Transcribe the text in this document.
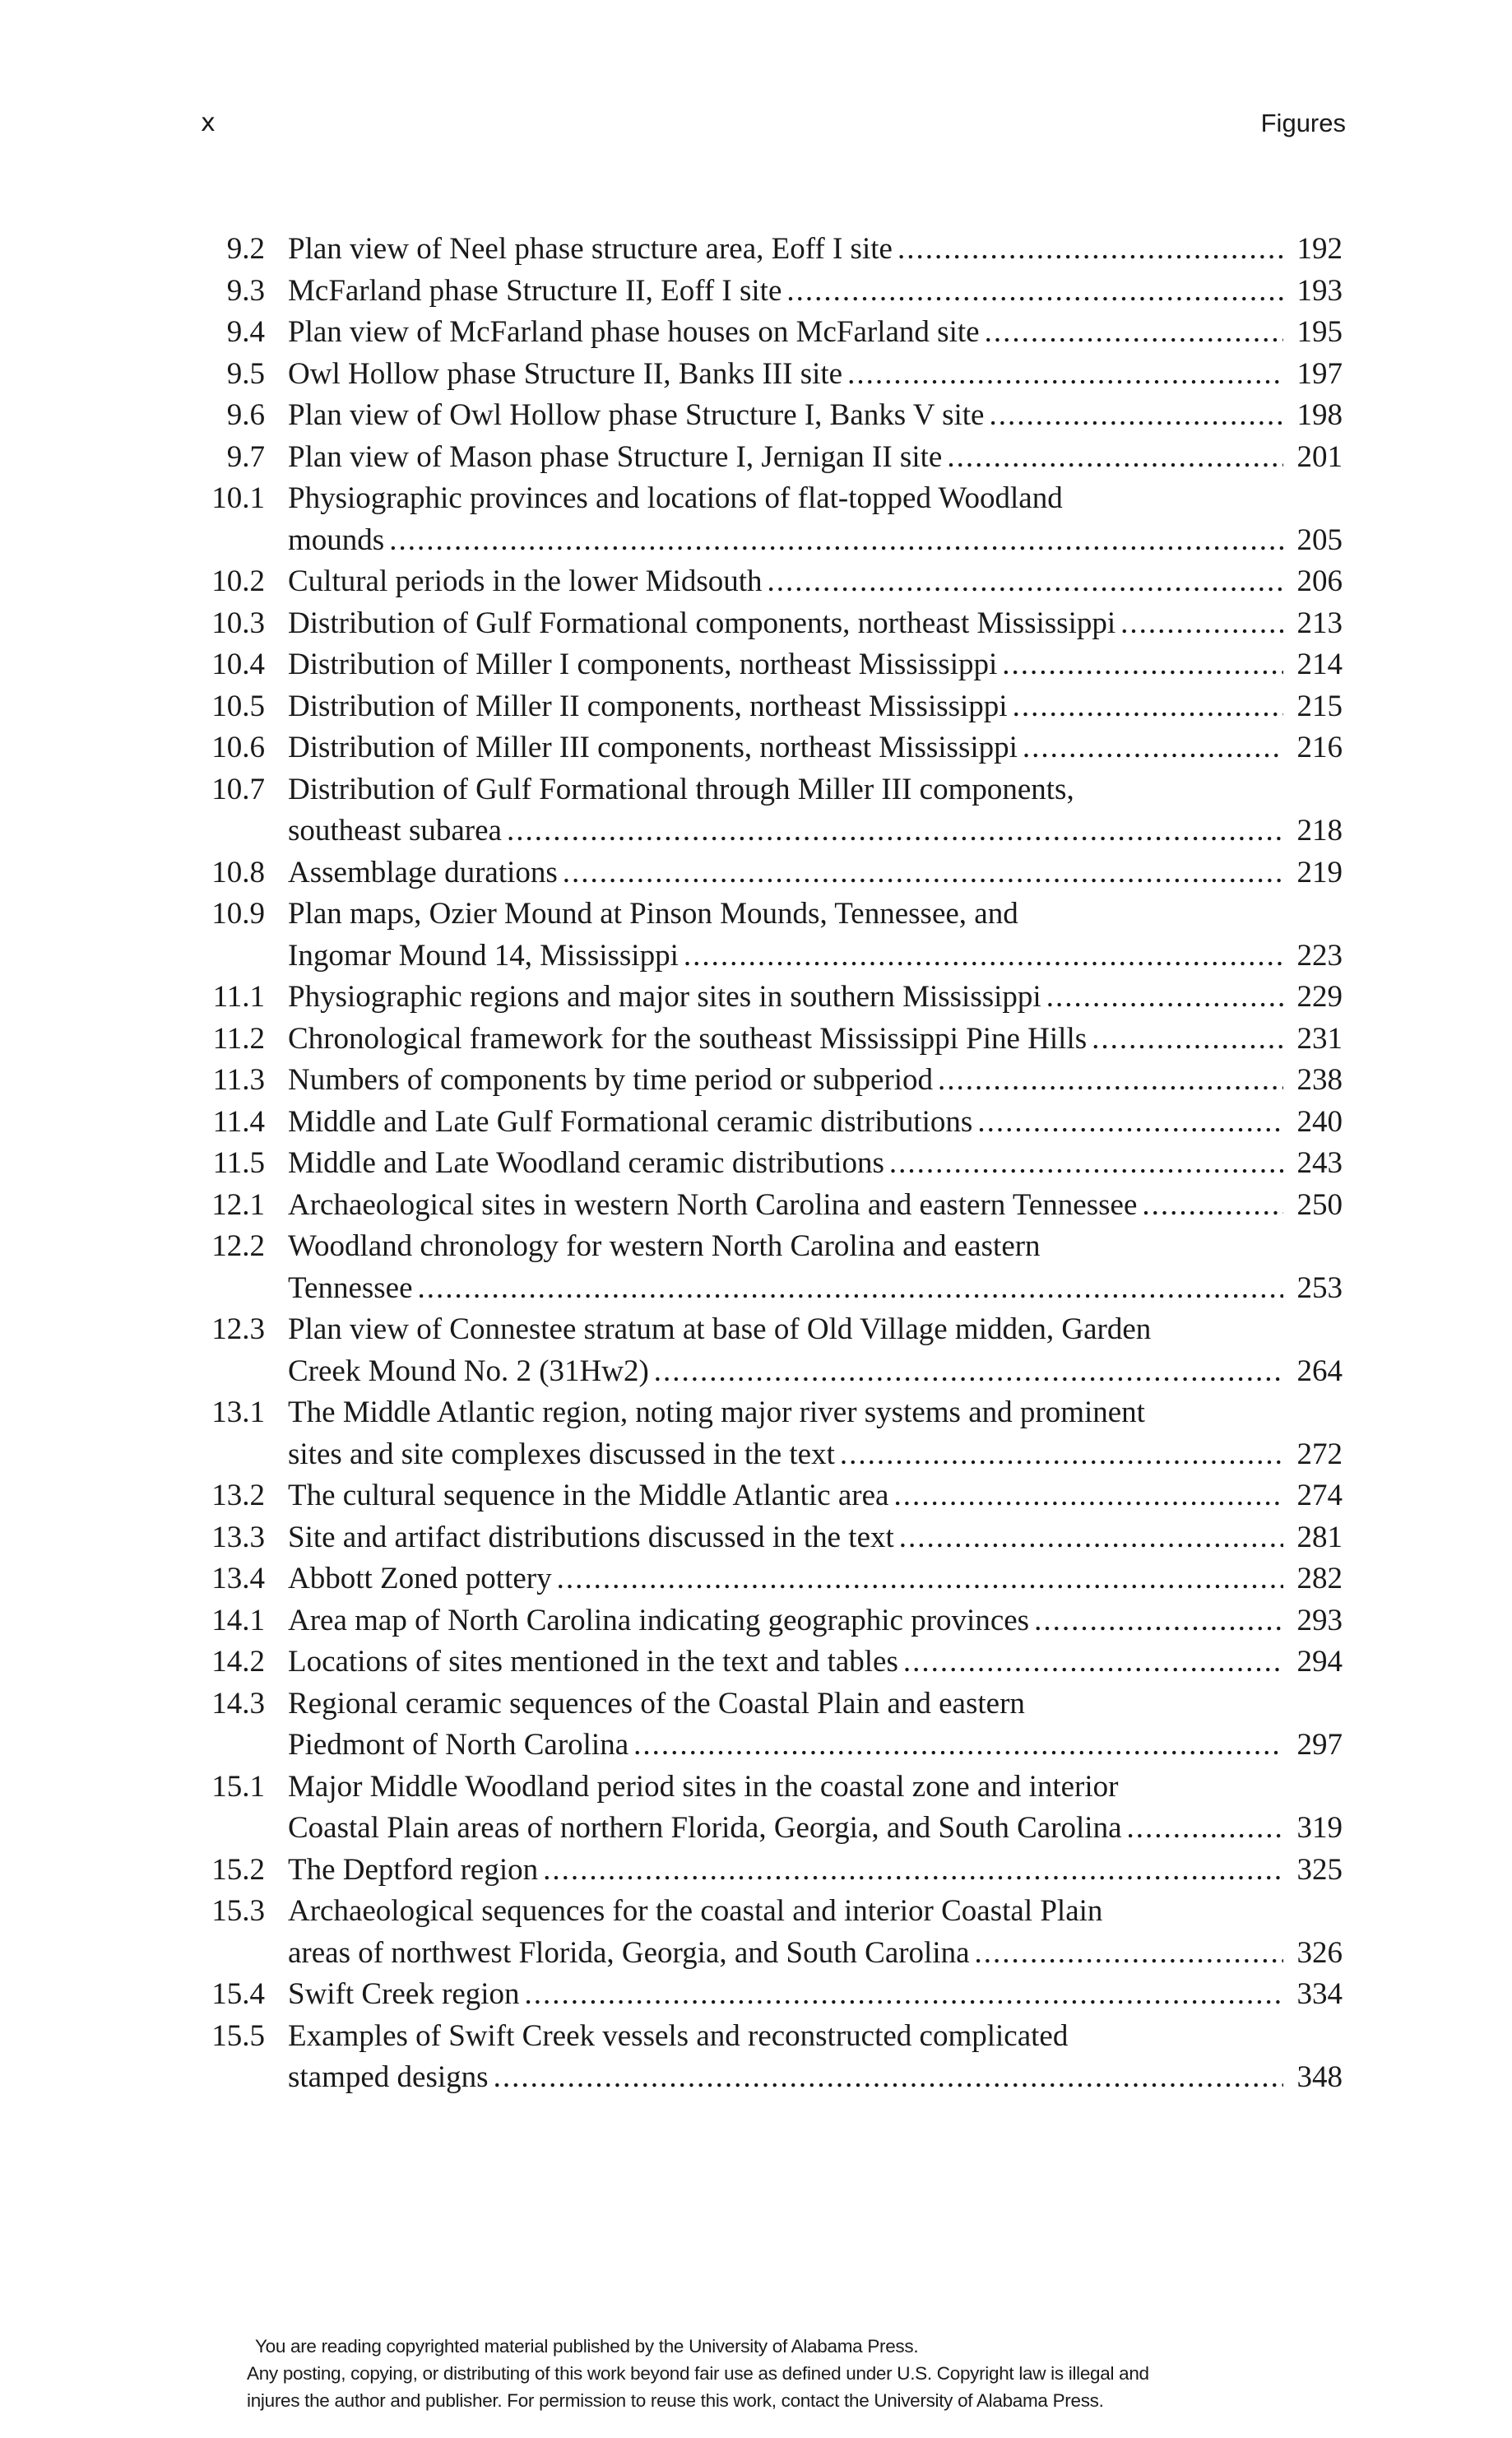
x	Figures
9.2 Plan view of Neel phase structure area, Eoff I site .....	192
9.3 McFarland phase Structure II, Eoff I site .....	193
9.4 Plan view of McFarland phase houses on McFarland site .....	195
9.5 Owl Hollow phase Structure II, Banks III site .....	197
9.6 Plan view of Owl Hollow phase Structure I, Banks V site .....	198
9.7 Plan view of Mason phase Structure I, Jernigan II site .....	201
10.1 Physiographic provinces and locations of flat-topped Woodland
mounds .....	205
10.2 Cultural periods in the lower Midsouth .....	206
10.3 Distribution of Gulf Formational components, northeast Mississippi .....	213
10.4 Distribution of Miller I components, northeast Mississippi .....	214
10.5 Distribution of Miller II components, northeast Mississippi .....	215
10.6 Distribution of Miller III components, northeast Mississippi .....	216
10.7 Distribution of Gulf Formational through Miller III components,
southeast subarea .....	218
10.8 Assemblage durations .....	219
10.9 Plan maps, Ozier Mound at Pinson Mounds, Tennessee, and
Ingomar Mound 14, Mississippi .....	223
11.1 Physiographic regions and major sites in southern Mississippi .....	229
11.2 Chronological framework for the southeast Mississippi Pine Hills .....	231
11.3 Numbers of components by time period or subperiod .....	238
11.4 Middle and Late Gulf Formational ceramic distributions .....	240
11.5 Middle and Late Woodland ceramic distributions .....	243
12.1 Archaeological sites in western North Carolina and eastern Tennessee .....	250
12.2 Woodland chronology for western North Carolina and eastern
Tennessee .....	253
12.3 Plan view of Connestee stratum at base of Old Village midden, Garden
Creek Mound No. 2 (31Hw2) .....	264
13.1 The Middle Atlantic region, noting major river systems and prominent
sites and site complexes discussed in the text .....	272
13.2 The cultural sequence in the Middle Atlantic area .....	274
13.3 Site and artifact distributions discussed in the text .....	281
13.4 Abbott Zoned pottery .....	282
14.1 Area map of North Carolina indicating geographic provinces .....	293
14.2 Locations of sites mentioned in the text and tables .....	294
14.3 Regional ceramic sequences of the Coastal Plain and eastern
Piedmont of North Carolina .....	297
15.1 Major Middle Woodland period sites in the coastal zone and interior
Coastal Plain areas of northern Florida, Georgia, and South Carolina .....	319
15.2 The Deptford region .....	325
15.3 Archaeological sequences for the coastal and interior Coastal Plain
areas of northwest Florida, Georgia, and South Carolina .....	326
15.4 Swift Creek region .....	334
15.5 Examples of Swift Creek vessels and reconstructed complicated
stamped designs .....	348
You are reading copyrighted material published by the University of Alabama Press.
Any posting, copying, or distributing of this work beyond fair use as defined under U.S. Copyright law is illegal and
injures the author and publisher. For permission to reuse this work, contact the University of Alabama Press.
